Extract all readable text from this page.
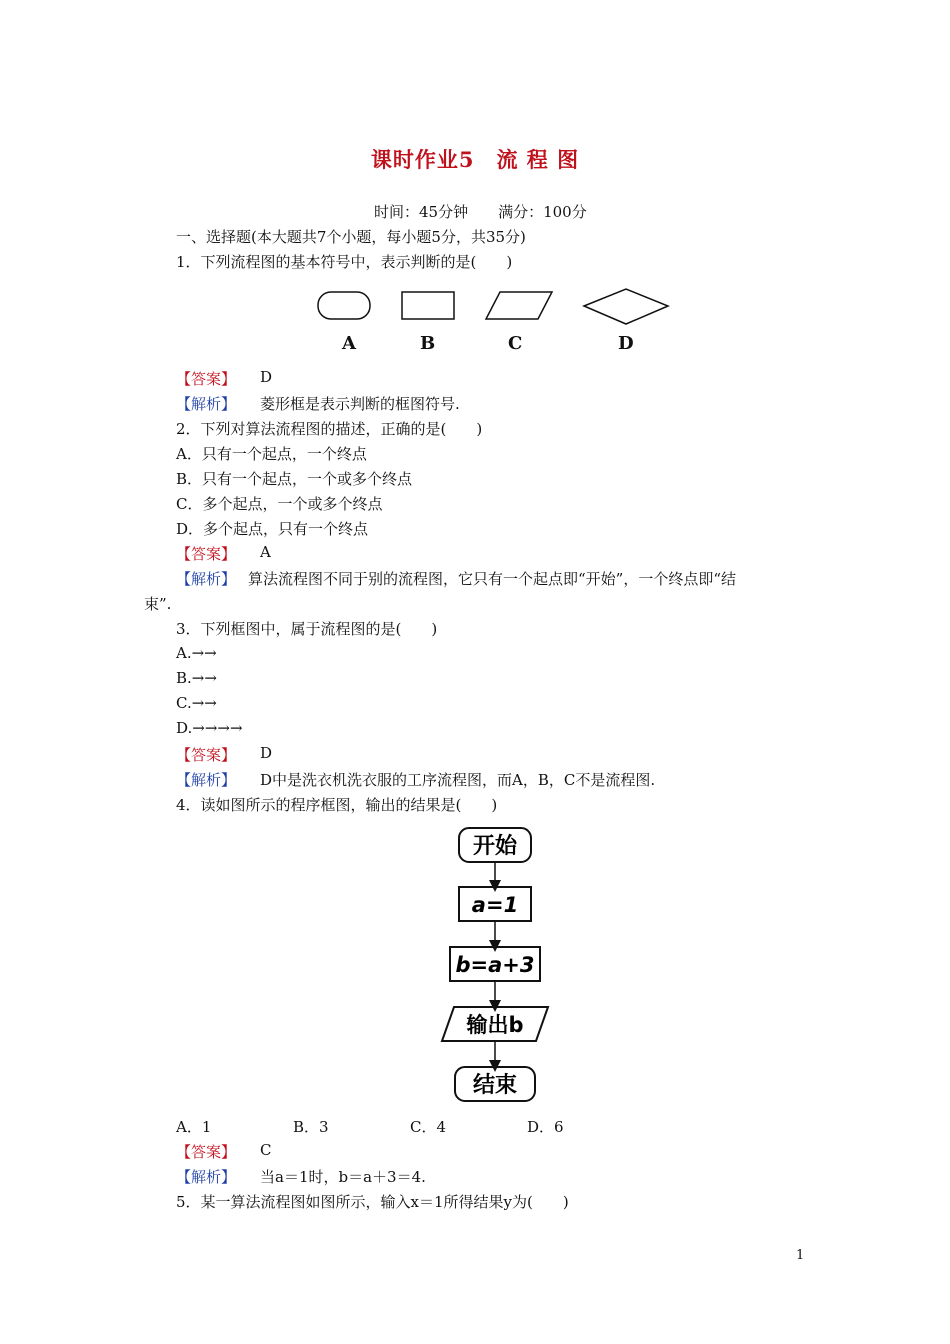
课时作业5　流 程 图
时间：45分钟　　满分：100分
一、选择题(本大题共7个小题，每小题5分，共35分)
1．下列流程图的基本符号中，表示判断的是(　　)
A	B	C	D
【答案】 D
【解析】 菱形框是表示判断的框图符号.
2．下列对算法流程图的描述，正确的是(　　)
A．只有一个起点，一个终点
B．只有一个起点，一个或多个终点
C．多个起点，一个或多个终点
D．多个起点，只有一个终点
【答案】 A
【解析】 算法流程图不同于别的流程图，它只有一个起点即“开始”，一个终点即“结
束”.
3．下列框图中，属于流程图的是(　　)
A.→→
B.→→
C.→→
D.→→→→
【答案】 D
【解析】 D中是洗衣机洗衣服的工序流程图，而A，B，C不是流程图.
4．读如图所示的程序框图，输出的结果是(　　)
开始
a=1
b=a+3
输出b
结束
A．1	B．3	C．4	D．6
【答案】 C
【解析】 当a＝1时，b＝a＋3＝4.
5．某一算法流程图如图所示，输入x＝1所得结果y为(　　)
1
